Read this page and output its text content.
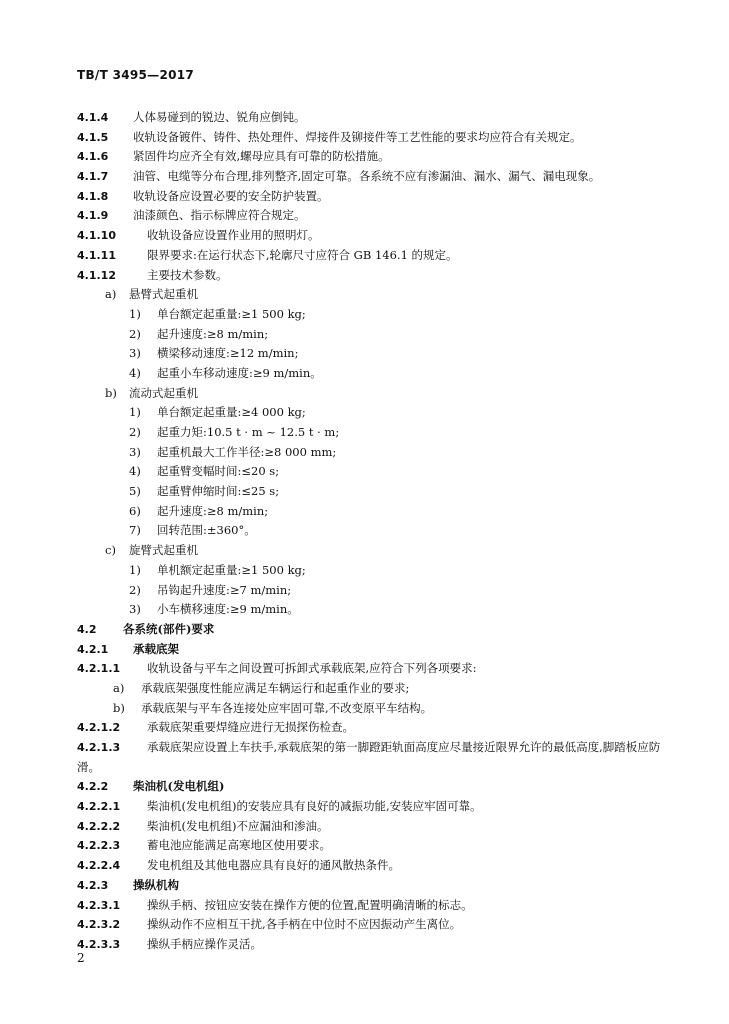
TB/T 3495—2017
4.1.4 人体易碰到的锐边、锐角应倒钝。
4.1.5 收轨设备镀件、铸件、热处理件、焊接件及铆接件等工艺性能的要求均应符合有关规定。
4.1.6 紧固件均应齐全有效,螺母应具有可靠的防松措施。
4.1.7 油管、电缆等分布合理,排列整齐,固定可靠。各系统不应有渗漏油、漏水、漏气、漏电现象。
4.1.8 收轨设备应设置必要的安全防护装置。
4.1.9 油漆颜色、指示标牌应符合规定。
4.1.10	收轨设备应设置作业用的照明灯。
4.1.11	限界要求:在运行状态下,轮廓尺寸应符合 GB 146.1 的规定。
4.1.12	主要技术参数。
a) 悬臂式起重机
1) 单台额定起重量:≥1 500 kg;
2) 起升速度:≥8 m/min;
3) 横梁移动速度:≥12 m/min;
4) 起重小车移动速度:≥9 m/min。
b) 流动式起重机
1) 单台额定起重量:≥4 000 kg;
2) 起重力矩:10.5 t · m ~ 12.5 t · m;
3) 起重机最大工作半径:≥8 000 mm;
4) 起重臂变幅时间:≤20 s;
5) 起重臂伸缩时间:≤25 s;
6) 起升速度:≥8 m/min;
7) 回转范围:±360°。
c) 旋臂式起重机
1) 单机额定起重量:≥1 500 kg;
2) 吊钩起升速度:≥7 m/min;
3) 小车横移速度:≥9 m/min。
4.2 各系统(部件)要求
4.2.1 承载底架
4.2.1.1 收轨设备与平车之间设置可拆卸式承载底架,应符合下列各项要求:
a) 承载底架强度性能应满足车辆运行和起重作业的要求;
b) 承载底架与平车各连接处应牢固可靠,不改变原平车结构。
4.2.1.2 承载底架重要焊缝应进行无损探伤检查。
4.2.1.3 承载底架应设置上车扶手,承载底架的第一脚蹬距轨面高度应尽量接近限界允许的最低高度,脚踏板应防滑。
4.2.2 柴油机(发电机组)
4.2.2.1 柴油机(发电机组)的安装应具有良好的减振功能,安装应牢固可靠。
4.2.2.2 柴油机(发电机组)不应漏油和渗油。
4.2.2.3 蓄电池应能满足高寒地区使用要求。
4.2.2.4 发电机组及其他电器应具有良好的通风散热条件。
4.2.3 操纵机构
4.2.3.1 操纵手柄、按钮应安装在操作方便的位置,配置明确清晰的标志。
4.2.3.2 操纵动作不应相互干扰,各手柄在中位时不应因振动产生离位。
4.2.3.3 操纵手柄应操作灵活。
2
